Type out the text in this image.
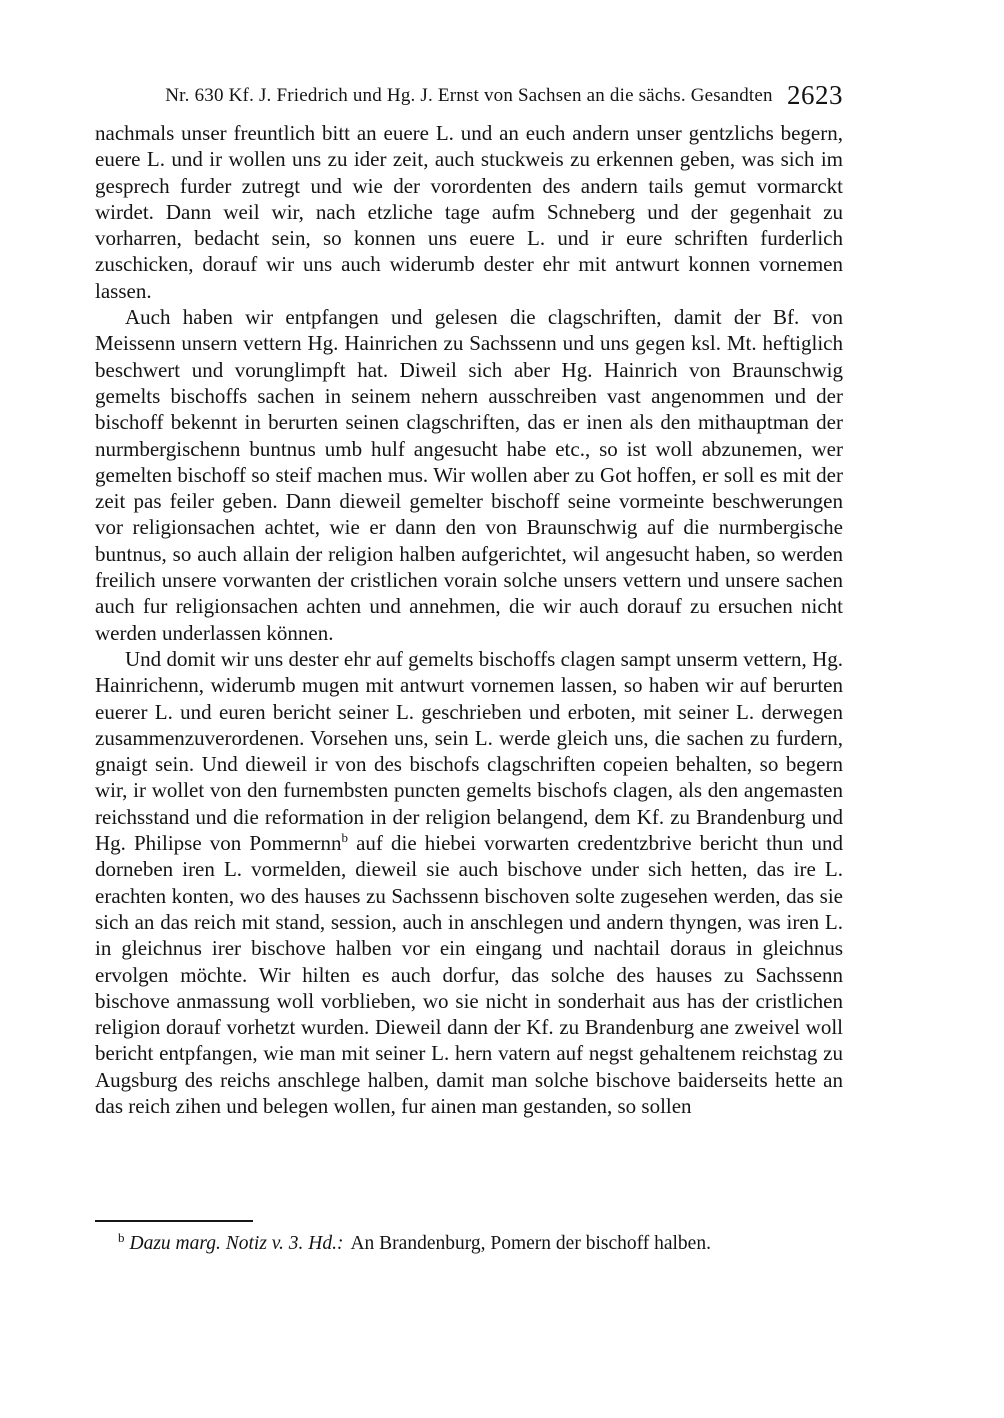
Nr. 630 Kf. J. Friedrich und Hg. J. Ernst von Sachsen an die sächs. Gesandten 2623

nachmals unser freuntlich bitt an euere L. und an euch andern unser gentzlichs begern, euere L. und ir wollen uns zu ider zeit, auch stuckweis zu erkennen geben, was sich im gesprech furder zutregt und wie der vorordenten des andern tails gemut vormarckt wirdet. Dann weil wir, nach etzliche tage aufm Schneberg und der gegenhait zu vorharren, bedacht sein, so konnen uns euere L. und ir eure schriften furderlich zuschicken, dorauf wir uns auch widerumb dester ehr mit antwurt konnen vornemen lassen.

Auch haben wir entpfangen und gelesen die clagschriften, damit der Bf. von Meissenn unsern vettern Hg. Hainrichen zu Sachssenn und uns gegen ksl. Mt. heftiglich beschwert und vorunglimpft hat. Diweil sich aber Hg. Hainrich von Braunschwig gemelts bischoffs sachen in seinem nehern ausschreiben vast angenommen und der bischoff bekennt in berurten seinen clagschriften, das er inen als den mithauptman der nurmbergischenn buntnus umb hulf angesucht habe etc., so ist woll abzunemen, wer gemelten bischoff so steif machen mus. Wir wollen aber zu Got hoffen, er soll es mit der zeit pas feiler geben. Dann dieweil gemelter bischoff seine vormeinte beschwerungen vor religionsachen achtet, wie er dann den von Braunschwig auf die nurmbergische buntnus, so auch allain der religion halben aufgerichtet, wil angesucht haben, so werden freilich unsere vorwanten der cristlichen vorain solche unsers vettern und unsere sachen auch fur religionsachen achten und annehmen, die wir auch dorauf zu ersuchen nicht werden underlassen können.

Und domit wir uns dester ehr auf gemelts bischoffs clagen sampt unserm vettern, Hg. Hainrichenn, widerumb mugen mit antwurt vornemen lassen, so haben wir auf berurten euerer L. und euren bericht seiner L. geschrieben und erboten, mit seiner L. derwegen zusammenzuverordenen. Vorsehen uns, sein L. werde gleich uns, die sachen zu furdern, gnaigt sein. Und dieweil ir von des bischofs clagschriften copeien behalten, so begern wir, ir wollet von den furnembsten puncten gemelts bischofs clagen, als den angemasten reichsstand und die reformation in der religion belangend, dem Kf. zu Brandenburg und Hg. Philipse von Pommernn$^b$ auf die hiebei vorwarten credentzbrive bericht thun und dorneben iren L. vormelden, dieweil sie auch bischove under sich hetten, das ire L. erachten konten, wo des hauses zu Sachssenn bischoven solte zugesehen werden, das sie sich an das reich mit stand, session, auch in anschlegen und andern thyngen, was iren L. in gleichnus irer bischove halben vor ein eingang und nachtail doraus in gleichnus ervolgen möchte. Wir hilten es auch dorfur, das solche des hauses zu Sachssenn bischove anmassung woll vorblieben, wo sie nicht in sonderhait aus has der cristlichen religion dorauf vorhetzt wurden. Dieweil dann der Kf. zu Brandenburg ane zweivel woll bericht entpfangen, wie man mit seiner L. hern vatern auf negst gehaltenem reichstag zu Augsburg des reichs anschlege halben, damit man solche bischove baiderseits hette an das reich zihen und belegen wollen, fur ainen man gestanden, so sollen

$^b$ Dazu marg. Notiz v. 3. Hd.: An Brandenburg, Pomern der bischoff halben.
